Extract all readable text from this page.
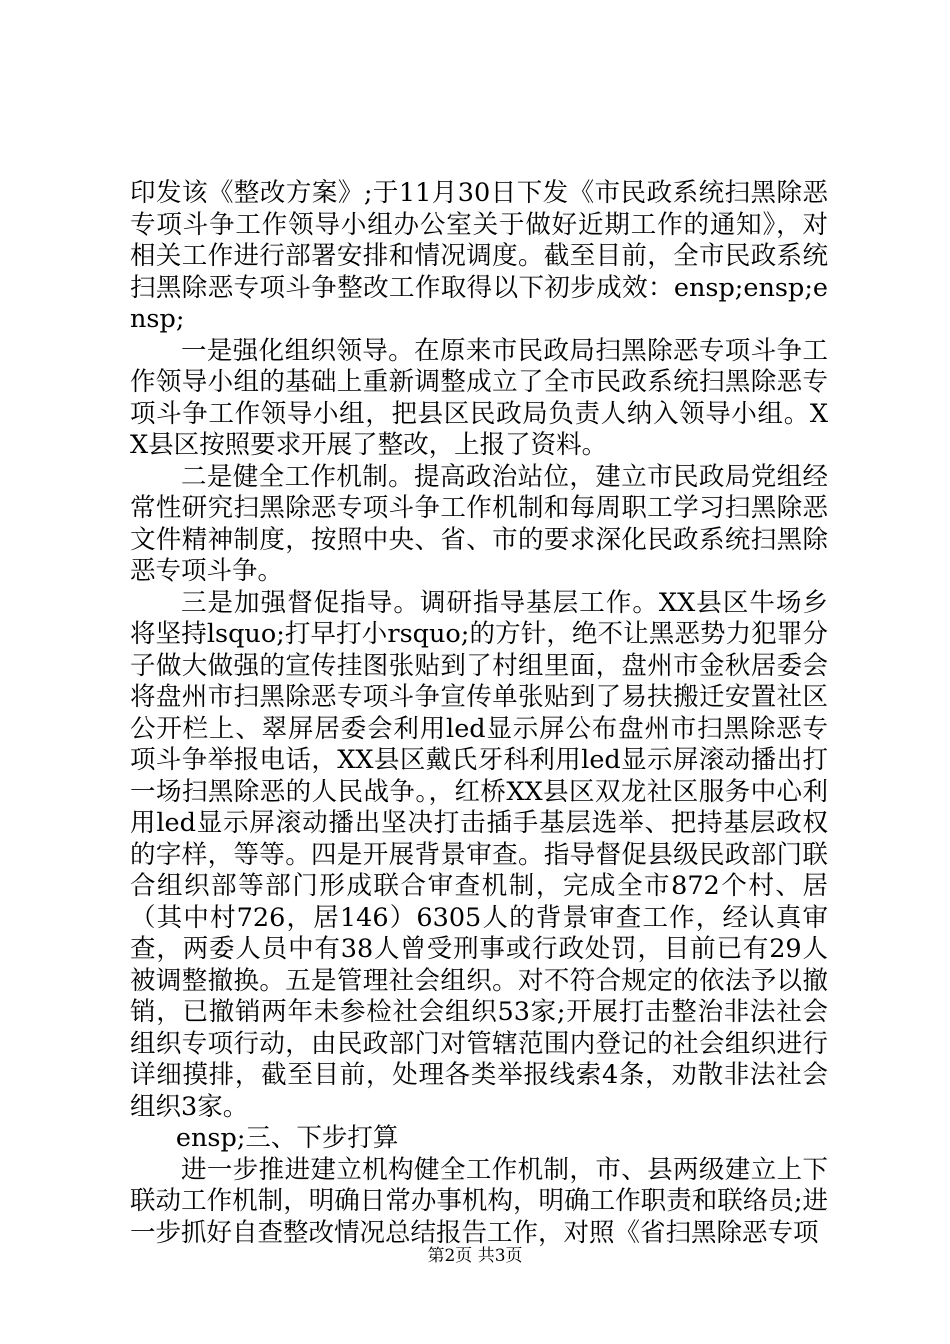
印发该《整改方案》;于11月30日下发《市民政系统扫黑除恶专项斗争工作领导小组办公室关于做好近期工作的通知》，对相关工作进行部署安排和情况调度。截至目前，全市民政系统扫黑除恶专项斗争整改工作取得以下初步成效：ensp;ensp;ensp;

一是强化组织领导。在原来市民政局扫黑除恶专项斗争工作领导小组的基础上重新调整成立了全市民政系统扫黑除恶专项斗争工作领导小组，把县区民政局负责人纳入领导小组。XX县区按照要求开展了整改，上报了资料。

二是健全工作机制。提高政治站位，建立市民政局党组经常性研究扫黑除恶专项斗争工作机制和每周职工学习扫黑除恶文件精神制度，按照中央、省、市的要求深化民政系统扫黑除恶专项斗争。

三是加强督促指导。调研指导基层工作。XX县区牛场乡将坚持lsquo;打早打小rsquo;的方针，绝不让黑恶势力犯罪分子做大做强的宣传挂图张贴到了村组里面，盘州市金秋居委会将盘州市扫黑除恶专项斗争宣传单张贴到了易扶搬迁安置社区公开栏上、翠屏居委会利用led显示屏公布盘州市扫黑除恶专项斗争举报电话，XX县区戴氏牙科利用led显示屏滚动播出打一场扫黑除恶的人民战争。，红桥XX县区双龙社区服务中心利用led显示屏滚动播出坚决打击插手基层选举、把持基层政权的字样，等等。四是开展背景审查。指导督促县级民政部门联合组织部等部门形成联合审查机制，完成全市872个村、居（其中村726，居146）6305人的背景审查工作，经认真审查，两委人员中有38人曾受刑事或行政处罚，目前已有29人被调整撤换。五是管理社会组织。对不符合规定的依法予以撤销，已撤销两年未参检社会组织53家;开展打击整治非法社会组织专项行动，由民政部门对管辖范围内登记的社会组织进行详细摸排，截至目前，处理各类举报线索4条，劝散非法社会组织3家。

ensp;三、下步打算

进一步推进建立机构健全工作机制，市、县两级建立上下联动工作机制，明确日常办事机构，明确工作职责和联络员;进一步抓好自查整改情况总结报告工作，对照《省扫黑除恶专项

第2页 共3页
